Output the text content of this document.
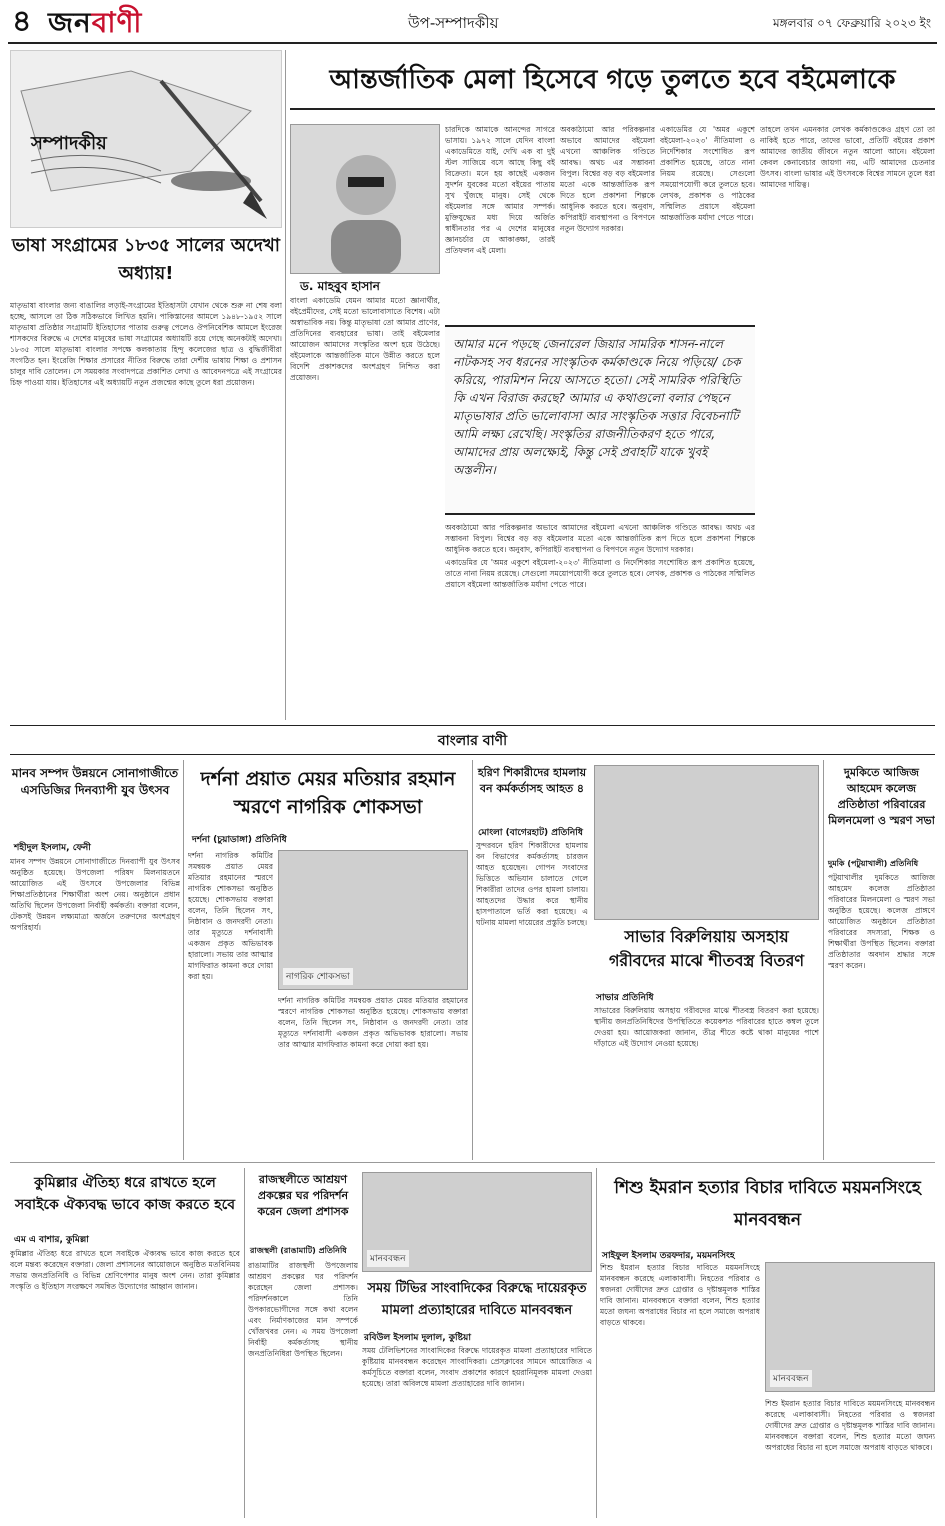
৪ জনবাণী	উপ-সম্পাদকীয়	মঙ্গলবার ০৭ ফেব্রুয়ারি ২০২৩ ইং
সম্পাদকীয়
আন্তর্জাতিক মেলা হিসেবে গড়ে তুলতে হবে বইমেলাকে
ভাষা সংগ্রামের ১৮৩৫ সালের অদেখা অধ্যায়!

মাতৃভাষা বাংলার জন্য বাঙালির লড়াই-সংগ্রামের ইতিহাসটা যেখান থেকে শুরু না শেষ বলা হচ্ছে, আসলে তা ঠিক সঠিকভাবে লিখিত হয়নি। পাকিস্তানের আমলে ১৯৪৮-১৯৫২ সালে মাতৃভাষা প্রতিষ্ঠার সংগ্রামটি ইতিহাসের পাতায় গুরুত্ব পেলেও ঔপনিবেশিক আমলে ইংরেজ শাসকদের বিরুদ্ধে এ দেশের মানুষের ভাষা সংগ্রামের অধ্যায়টি রয়ে গেছে অনেকটাই অদেখা। ১৮৩৫ সালে মাতৃভাষা বাংলার সপক্ষে কলকাতায় হিন্দু কলেজের ছাত্র ও বুদ্ধিজীবীরা সংগঠিত হন। ইংরেজি শিক্ষার প্রসারের নীতির বিরুদ্ধে তারা দেশীয় ভাষায় শিক্ষা ও প্রশাসন চালুর দাবি তোলেন। সে সময়কার সংবাদপত্রে প্রকাশিত লেখা ও আবেদনপত্রে এই সংগ্রামের চিহ্ন পাওয়া যায়। ইতিহাসের এই অধ্যায়টি নতুন প্রজন্মের কাছে তুলে ধরা প্রয়োজন।

ড. মাহবুব হাসান

চারদিকে আমাকে আনন্দের সাগরে ভাসায়। ১৯৭২ সালে যেদিন বাংলা একাডেমিতে যাই, দেখি এক বা দুই স্টল সাজিয়ে বসে আছে কিছু বই বিক্রেতা। মনে হয় কাছেই একজন সুদর্শন যুবকের মতো বইয়ের পাতায় সুখ খুঁজছে মানুষ। সেই থেকে বইমেলার সঙ্গে আমার সম্পর্ক। মুক্তিযুদ্ধের মধ্য দিয়ে অর্জিত স্বাধীনতার পর এ দেশের মানুষের জ্ঞানচর্চার যে আকাঙ্ক্ষা, তারই প্রতিফলন এই মেলা।

বাংলা একাডেমি যেমন আমার মতো জ্ঞানার্থীর, বইপ্রেমীদের, সেই মতো ভালোবাসাতে বিশেষ। এটা অস্বাভাবিক নয়। কিন্তু মাতৃভাষা তো আমার প্রাণের, প্রতিদিনের ব্যবহারের ভাষা। তাই বইমেলার আয়োজন আমাদের সংস্কৃতির অংশ হয়ে উঠেছে। বইমেলাকে আন্তর্জাতিক মানে উন্নীত করতে হলে বিদেশি প্রকাশকদের অংশগ্রহণ নিশ্চিত করা প্রয়োজন।

অবকাঠামো আর পরিকল্পনার অভাবে আমাদের বইমেলা এখনো আঞ্চলিক গণ্ডিতে আবদ্ধ। অথচ এর সম্ভাবনা বিপুল। বিশ্বের বড় বড় বইমেলার মতো একে আন্তর্জাতিক রূপ দিতে হলে প্রকাশনা শিল্পকে আধুনিক করতে হবে। অনুবাদ, কপিরাইট ব্যবস্থাপনা ও বিপণনে নতুন উদ্যোগ দরকার।

একাডেমির যে 'অমর একুশে বইমেলা-২০২৩' নীতিমালা ও নির্দেশিকার সংশোধিত রূপ প্রকাশিত হয়েছে, তাতে নানা নিয়ম রয়েছে। সেগুলো সময়োপযোগী করে তুলতে হবে। লেখক, প্রকাশক ও পাঠকের সম্মিলিত প্রয়াসে বইমেলা আন্তর্জাতিক মর্যাদা পেতে পারে।

তাহলে তখন এমনকার লেখক কর্মকাণ্ডকেও গ্রহণ তো তা নাকিই হতে পারে, তাদের ভাবো, প্রতিটি বইয়ের প্রকাশ আমাদের জাতীয় জীবনে নতুন আলো আনে। বইমেলা কেবল কেনাবেচার জায়গা নয়, এটি আমাদের চেতনার উৎসব। বাংলা ভাষার এই উৎসবকে বিশ্বের সামনে তুলে ধরা আমাদের দায়িত্ব।

আমার মনে পড়ছে জেনারেল জিয়ার সামরিক শাসন-নালে নাটকসহ সব ধরনের সাংস্কৃতিক কর্মকাণ্ডকে নিয়ে পড়িয়ে/ চেক করিয়ে, পারমিশন নিয়ে আসতে হতো। সেই সামরিক পরিস্থিতি কি এখন বিরাজ করছে? আমার এ কথাগুলো বলার পেছনে মাতৃভাষার প্রতি ভালোবাসা আর সাংস্কৃতিক সত্তার বিবেচনাটি আমি লক্ষ্য রেখেছি। সংস্কৃতির রাজনীতিকরণ হতে পারে, আমাদের প্রায় অলক্ষ্যেই, কিন্তু সেই প্রবাহটি যাকে খুবই অস্তলীন।

অবকাঠামো আর পরিকল্পনার অভাবে আমাদের বইমেলা এখনো আঞ্চলিক গণ্ডিতে আবদ্ধ। অথচ এর সম্ভাবনা বিপুল। বিশ্বের বড় বড় বইমেলার মতো একে আন্তর্জাতিক রূপ দিতে হলে প্রকাশনা শিল্পকে আধুনিক করতে হবে। অনুবাদ, কপিরাইট ব্যবস্থাপনা ও বিপণনে নতুন উদ্যোগ দরকার।

একাডেমির যে 'অমর একুশে বইমেলা-২০২৩' নীতিমালা ও নির্দেশিকার সংশোধিত রূপ প্রকাশিত হয়েছে, তাতে নানা নিয়ম রয়েছে। সেগুলো সময়োপযোগী করে তুলতে হবে। লেখক, প্রকাশক ও পাঠকের সম্মিলিত প্রয়াসে বইমেলা আন্তর্জাতিক মর্যাদা পেতে পারে।

বাংলার বাণী
মানব সম্পদ উন্নয়নে সোনাগাজীতে এসডিজির দিনব্যাপী যুব উৎসব
শহীদুল ইসলাম, ফেনী

মানব সম্পদ উন্নয়নে সোনাগাজীতে দিনব্যাপী যুব উৎসব অনুষ্ঠিত হয়েছে। উপজেলা পরিষদ মিলনায়তনে আয়োজিত এই উৎসবে উপজেলার বিভিন্ন শিক্ষাপ্রতিষ্ঠানের শিক্ষার্থীরা অংশ নেয়। অনুষ্ঠানে প্রধান অতিথি ছিলেন উপজেলা নির্বাহী কর্মকর্তা। বক্তারা বলেন, টেকসই উন্নয়ন লক্ষ্যমাত্রা অর্জনে তরুণদের অংশগ্রহণ অপরিহার্য।

দর্শনা প্রয়াত মেয়র মতিয়ার রহমান স্মরণে নাগরিক শোকসভা
দর্শনা (চুয়াডাঙ্গা) প্রতিনিধি
নাগরিক শোকসভা

দর্শনা নাগরিক কমিটির সমন্বয়ক প্রয়াত মেয়র মতিয়ার রহমানের স্মরণে নাগরিক শোকসভা অনুষ্ঠিত হয়েছে। শোকসভায় বক্তারা বলেন, তিনি ছিলেন সৎ, নিষ্ঠাবান ও জনদরদী নেতা। তার মৃত্যুতে দর্শনাবাসী একজন প্রকৃত অভিভাবক হারালো। সভায় তার আত্মার মাগফিরাত কামনা করে দোয়া করা হয়।

দর্শনা নাগরিক কমিটির সমন্বয়ক প্রয়াত মেয়র মতিয়ার রহমানের স্মরণে নাগরিক শোকসভা অনুষ্ঠিত হয়েছে। শোকসভায় বক্তারা বলেন, তিনি ছিলেন সৎ, নিষ্ঠাবান ও জনদরদী নেতা। তার মৃত্যুতে দর্শনাবাসী একজন প্রকৃত অভিভাবক হারালো। সভায় তার আত্মার মাগফিরাত কামনা করে দোয়া করা হয়।

হরিণ শিকারীদের হামলায় বন কর্মকর্তাসহ আহত ৪
মোংলা (বাগেরহাট) প্রতিনিধি

সুন্দরবনে হরিণ শিকারীদের হামলায় বন বিভাগের কর্মকর্তাসহ চারজন আহত হয়েছেন। গোপন সংবাদের ভিত্তিতে অভিযান চালাতে গেলে শিকারীরা তাদের ওপর হামলা চালায়। আহতদের উদ্ধার করে স্থানীয় হাসপাতালে ভর্তি করা হয়েছে। এ ঘটনায় মামলা দায়েরের প্রস্তুতি চলছে।

সাভার বিরুলিয়ায় অসহায় গরীবদের মাঝে শীতবস্ত্র বিতরণ
সাভার প্রতিনিধি

সাভারের বিরুলিয়ায় অসহায় গরীবদের মাঝে শীতবস্ত্র বিতরণ করা হয়েছে। স্থানীয় জনপ্রতিনিধিদের উপস্থিতিতে কয়েকশত পরিবারের হাতে কম্বল তুলে দেওয়া হয়। আয়োজকরা জানান, তীব্র শীতে কষ্টে থাকা মানুষের পাশে দাঁড়াতে এই উদ্যোগ নেওয়া হয়েছে।

দুমকিতে আজিজ আহমেদ কলেজ প্রতিষ্ঠাতা পরিবারের মিলনমেলা ও স্মরণ সভা
দুমকি (পটুয়াখালী) প্রতিনিধি

পটুয়াখালীর দুমকিতে আজিজ আহমেদ কলেজ প্রতিষ্ঠাতা পরিবারের মিলনমেলা ও স্মরণ সভা অনুষ্ঠিত হয়েছে। কলেজ প্রাঙ্গণে আয়োজিত অনুষ্ঠানে প্রতিষ্ঠাতা পরিবারের সদস্যরা, শিক্ষক ও শিক্ষার্থীরা উপস্থিত ছিলেন। বক্তারা প্রতিষ্ঠাতার অবদান শ্রদ্ধার সঙ্গে স্মরণ করেন।

কুমিল্লার ঐতিহ্য ধরে রাখতে হলে সবাইকে ঐক্যবদ্ধ ভাবে কাজ করতে হবে
এম এ বাশার, কুমিল্লা

কুমিল্লার ঐতিহ্য ধরে রাখতে হলে সবাইকে ঐক্যবদ্ধ ভাবে কাজ করতে হবে বলে মন্তব্য করেছেন বক্তারা। জেলা প্রশাসনের আয়োজনে অনুষ্ঠিত মতবিনিময় সভায় জনপ্রতিনিধি ও বিভিন্ন শ্রেণিপেশার মানুষ অংশ নেন। তারা কুমিল্লার সংস্কৃতি ও ইতিহাস সংরক্ষণে সমন্বিত উদ্যোগের আহ্বান জানান।

রাজস্থলীতে আশ্রয়ণ প্রকল্পের ঘর পরিদর্শন করেন জেলা প্রশাসক
রাজস্থলী (রাঙামাটি) প্রতিনিধি

রাঙামাটির রাজস্থলী উপজেলায় আশ্রয়ণ প্রকল্পের ঘর পরিদর্শন করেছেন জেলা প্রশাসক। পরিদর্শনকালে তিনি উপকারভোগীদের সঙ্গে কথা বলেন এবং নির্মাণকাজের মান সম্পর্কে খোঁজখবর নেন। এ সময় উপজেলা নির্বাহী কর্মকর্তাসহ স্থানীয় জনপ্রতিনিধিরা উপস্থিত ছিলেন।

মানববন্ধন
সময় টিভির সাংবাদিকের বিরুদ্ধে দায়েরকৃত মামলা প্রত্যাহারের দাবিতে মানববন্ধন
রবিউল ইসলাম দুলাল, কুষ্টিয়া

সময় টেলিভিশনের সাংবাদিকের বিরুদ্ধে দায়েরকৃত মামলা প্রত্যাহারের দাবিতে কুষ্টিয়ায় মানববন্ধন করেছেন সাংবাদিকরা। প্রেসক্লাবের সামনে আয়োজিত এ কর্মসূচিতে বক্তারা বলেন, সংবাদ প্রকাশের কারণে হয়রানিমূলক মামলা দেওয়া হয়েছে। তারা অবিলম্বে মামলা প্রত্যাহারের দাবি জানান।

শিশু ইমরান হত্যার বিচার দাবিতে ময়মনসিংহে মানববন্ধন
সাইফুল ইসলাম তরফদার, ময়মনসিংহ

শিশু ইমরান হত্যার বিচার দাবিতে ময়মনসিংহে মানববন্ধন করেছে এলাকাবাসী। নিহতের পরিবার ও স্বজনরা দোষীদের দ্রুত গ্রেপ্তার ও দৃষ্টান্তমূলক শাস্তির দাবি জানান। মানববন্ধনে বক্তারা বলেন, শিশু হত্যার মতো জঘন্য অপরাধের বিচার না হলে সমাজে অপরাধ বাড়তে থাকবে।

মানববন্ধন

শিশু ইমরান হত্যার বিচার দাবিতে ময়মনসিংহে মানববন্ধন করেছে এলাকাবাসী। নিহতের পরিবার ও স্বজনরা দোষীদের দ্রুত গ্রেপ্তার ও দৃষ্টান্তমূলক শাস্তির দাবি জানান। মানববন্ধনে বক্তারা বলেন, শিশু হত্যার মতো জঘন্য অপরাধের বিচার না হলে সমাজে অপরাধ বাড়তে থাকবে।
